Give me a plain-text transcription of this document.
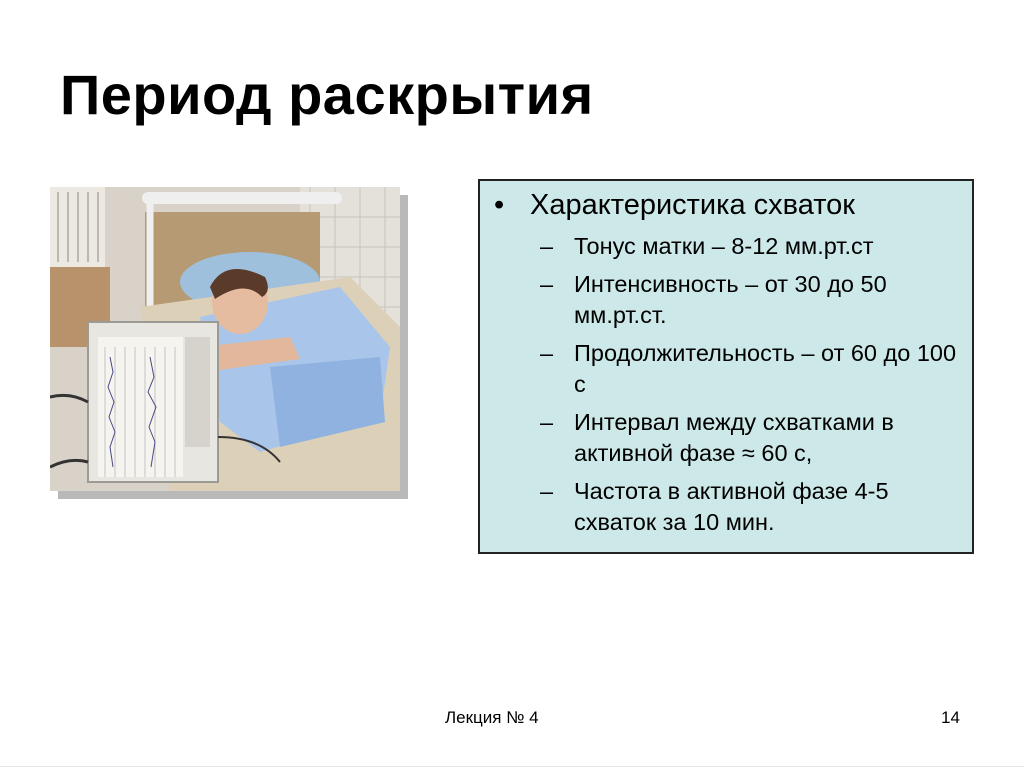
Период раскрытия
• Характеристика схваток
– Тонус матки – 8-12 мм.рт.ст
– Интенсивность – от 30 до 50 мм.рт.ст.
– Продолжительность – от 60 до 100 с
– Интервал между схватками в активной фазе ≈ 60 с,
– Частота в активной фазе 4-5 схваток за 10 мин.
Лекция № 4	14
